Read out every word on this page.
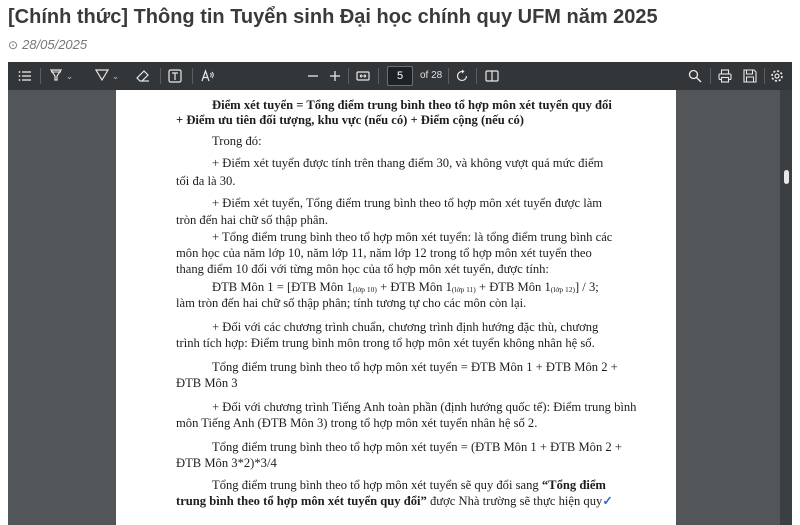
[Chính thức] Thông tin Tuyển sinh Đại học chính quy UFM năm 2025
⊙ 28/05/2025
⌄	⌄	5	of 28

Điểm xét tuyển = Tổng điểm trung bình theo tổ hợp môn xét tuyển quy đổi

+ Điểm ưu tiên đối tượng, khu vực (nếu có) + Điểm cộng (nếu có)

Trong đó:

+ Điểm xét tuyển được tính trên thang điểm 30, và không vượt quá mức điểm

tối đa là 30.

+ Điểm xét tuyển, Tổng điểm trung bình theo tổ hợp môn xét tuyển được làm

tròn đến hai chữ số thập phân.

+ Tổng điểm trung bình theo tổ hợp môn xét tuyển: là tổng điểm trung bình các

môn học của năm lớp 10, năm lớp 11, năm lớp 12 trong tổ hợp môn xét tuyển theo

thang điểm 10 đối với từng môn học của tổ hợp môn xét tuyển, được tính:

ĐTB Môn 1 = [ĐTB Môn 1(lớp 10) + ĐTB Môn 1(lớp 11) + ĐTB Môn 1(lớp 12)] / 3;

làm tròn đến hai chữ số thập phân; tính tương tự cho các môn còn lại.

+ Đối với các chương trình chuẩn, chương trình định hướng đặc thù, chương

trình tích hợp: Điểm trung bình môn trong tổ hợp môn xét tuyển không nhân hệ số.

Tổng điểm trung bình theo tổ hợp môn xét tuyển = ĐTB Môn 1 + ĐTB Môn 2 +

ĐTB Môn 3

+ Đối với chương trình Tiếng Anh toàn phần (định hướng quốc tế): Điểm trung bình

môn Tiếng Anh (ĐTB Môn 3) trong tổ hợp môn xét tuyển nhân hệ số 2.

Tổng điểm trung bình theo tổ hợp môn xét tuyển = (ĐTB Môn 1 + ĐTB Môn 2 +

ĐTB Môn 3*2)*3/4

Tổng điểm trung bình theo tổ hợp môn xét tuyển sẽ quy đổi sang “Tổng điểm

trung bình theo tổ hợp môn xét tuyển quy đổi” được Nhà trường sẽ thực hiện quy✓
